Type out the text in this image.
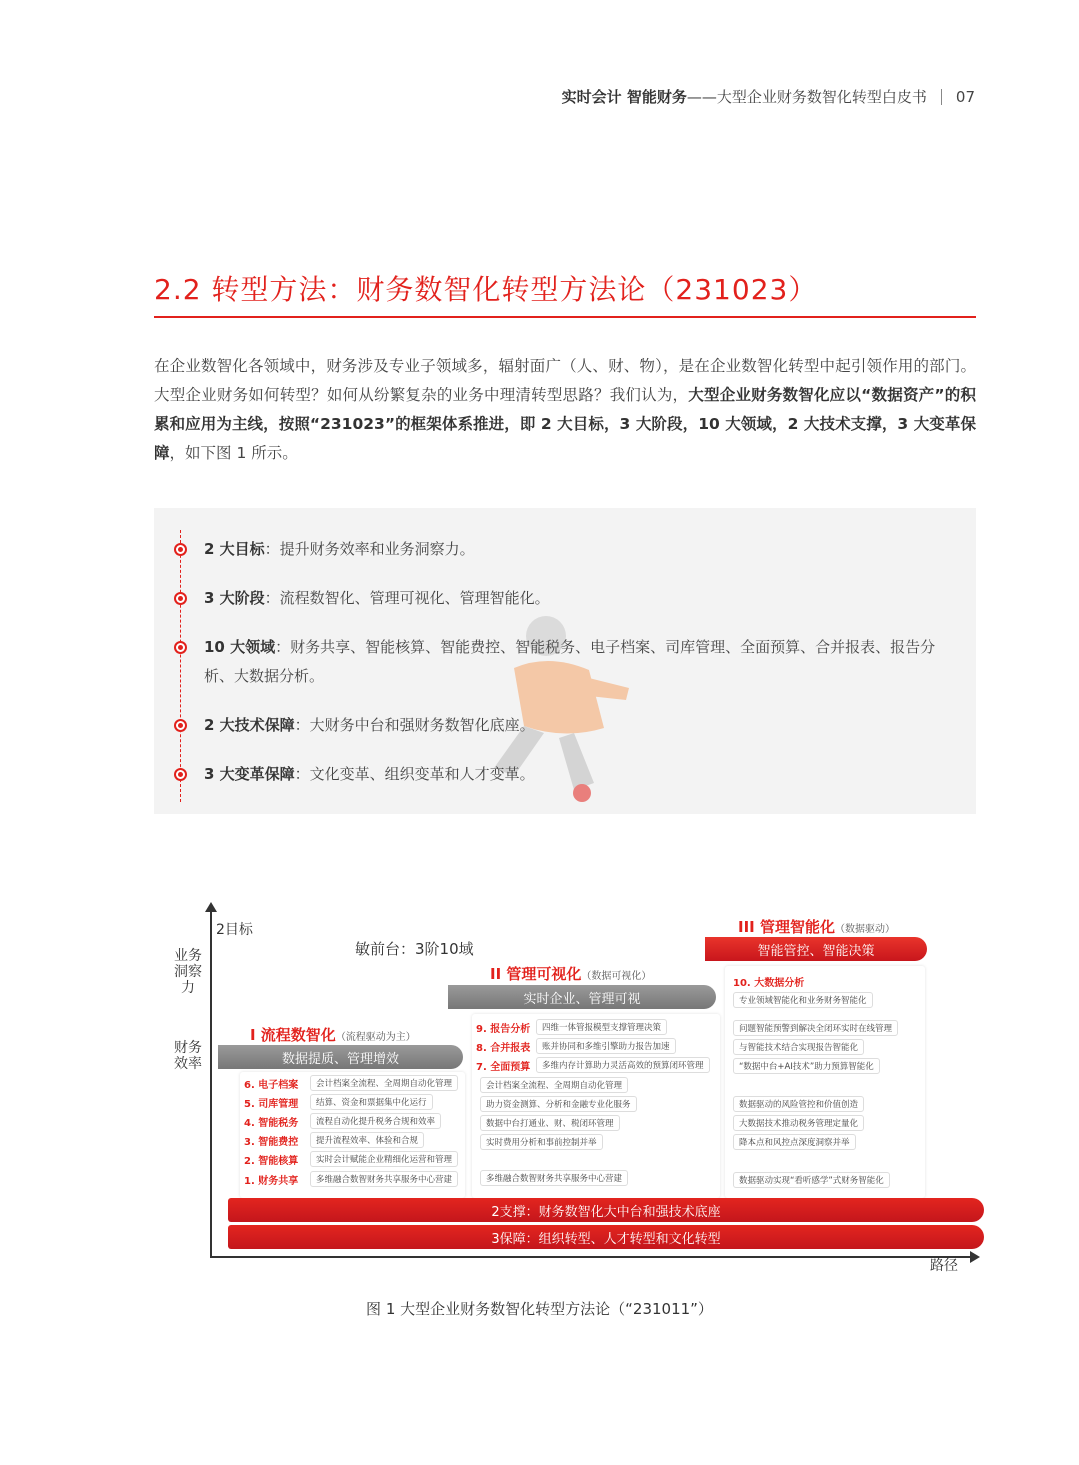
实时会计 智能财务 ——大型企业财务数智化转型白皮书 07
2.2 转型方法：财务数智化转型方法论（231023）
在企业数智化各领域中，财务涉及专业子领域多，辐射面广（人、财、物），是在企业数智化转型中起引领作用的部门。大型企业财务如何转型？如何从纷繁复杂的业务中理清转型思路？我们认为，大型企业财务数智化应以“数据资产”的积累和应用为主线，按照“231023”的框架体系推进，即 2 大目标，3 大阶段，10 大领域，2 大技术支撑，3 大变革保障，如下图 1 所示。
2 大目标：提升财务效率和业务洞察力。
3 大阶段：流程数智化、管理可视化、管理智能化。
10 大领域：财务共享、智能核算、智能费控、智能税务、电子档案、司库管理、全面预算、合并报表、报告分析、大数据分析。
2 大技术保障：大财务中台和强财务数智化底座。
3 大变革保障：文化变革、组织变革和人才变革。
2目标
业务
洞察力
财务
效率
路径
敏前台：3阶10域
III 管理智能化（数据驱动）
智能管控、智能决策
10. 大数据分析
专业领域智能化和业务财务智能化
问题智能预警到解决全闭环实时在线管理
与智能技术结合实现报告智能化
“数据中台+AI技术”助力预算智能化
数据驱动的风险管控和价值创造
大数据技术推动税务管理定量化
降本点和风控点深度洞察并举
数据驱动实现“看听感学”式财务智能化
II 管理可视化（数据可视化）
实时企业、管理可视
9. 报告分析	四维一体管报模型支撑管理决策
8. 合并报表	账并协同和多维引擎助力报告加速
7. 全面预算	多维内存计算助力灵活高效的预算闭环管理
会计档案全流程、全周期自动化管理
助力资金测算、分析和金融专业化服务
数据中台打通业、财、税闭环管理
实时费用分析和事前控制并举
多维融合数智财务共享服务中心营建
I 流程数智化（流程驱动为主）
数据提质、管理增效
6. 电子档案	会计档案全流程、全周期自动化管理
5. 司库管理	结算、资金和票据集中化运行
4. 智能税务	流程自动化提升税务合规和效率
3. 智能费控	提升流程效率、体验和合规
2. 智能核算	实时会计赋能企业精细化运营和管理
1. 财务共享	多维融合数智财务共享服务中心营建
2支撑：财务数智化大中台和强技术底座
3保障：组织转型、人才转型和文化转型
图 1 大型企业财务数智化转型方法论（“231011”）
